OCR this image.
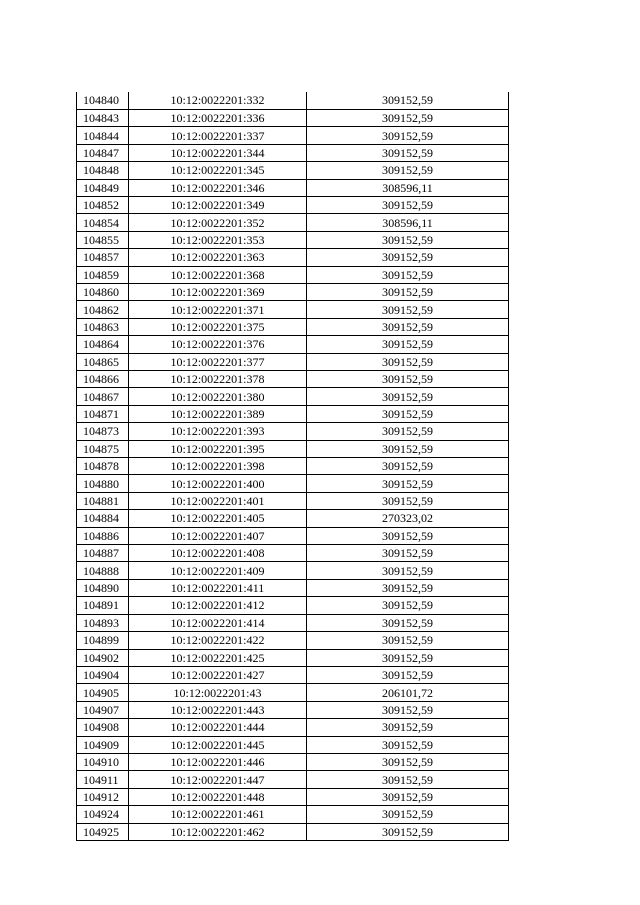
104840	10:12:0022201:332	309152,59
104843	10:12:0022201:336	309152,59
104844	10:12:0022201:337	309152,59
104847	10:12:0022201:344	309152,59
104848	10:12:0022201:345	309152,59
104849	10:12:0022201:346	308596,11
104852	10:12:0022201:349	309152,59
104854	10:12:0022201:352	308596,11
104855	10:12:0022201:353	309152,59
104857	10:12:0022201:363	309152,59
104859	10:12:0022201:368	309152,59
104860	10:12:0022201:369	309152,59
104862	10:12:0022201:371	309152,59
104863	10:12:0022201:375	309152,59
104864	10:12:0022201:376	309152,59
104865	10:12:0022201:377	309152,59
104866	10:12:0022201:378	309152,59
104867	10:12:0022201:380	309152,59
104871	10:12:0022201:389	309152,59
104873	10:12:0022201:393	309152,59
104875	10:12:0022201:395	309152,59
104878	10:12:0022201:398	309152,59
104880	10:12:0022201:400	309152,59
104881	10:12:0022201:401	309152,59
104884	10:12:0022201:405	270323,02
104886	10:12:0022201:407	309152,59
104887	10:12:0022201:408	309152,59
104888	10:12:0022201:409	309152,59
104890	10:12:0022201:411	309152,59
104891	10:12:0022201:412	309152,59
104893	10:12:0022201:414	309152,59
104899	10:12:0022201:422	309152,59
104902	10:12:0022201:425	309152,59
104904	10:12:0022201:427	309152,59
104905	10:12:0022201:43	206101,72
104907	10:12:0022201:443	309152,59
104908	10:12:0022201:444	309152,59
104909	10:12:0022201:445	309152,59
104910	10:12:0022201:446	309152,59
104911	10:12:0022201:447	309152,59
104912	10:12:0022201:448	309152,59
104924	10:12:0022201:461	309152,59
104925	10:12:0022201:462	309152,59
